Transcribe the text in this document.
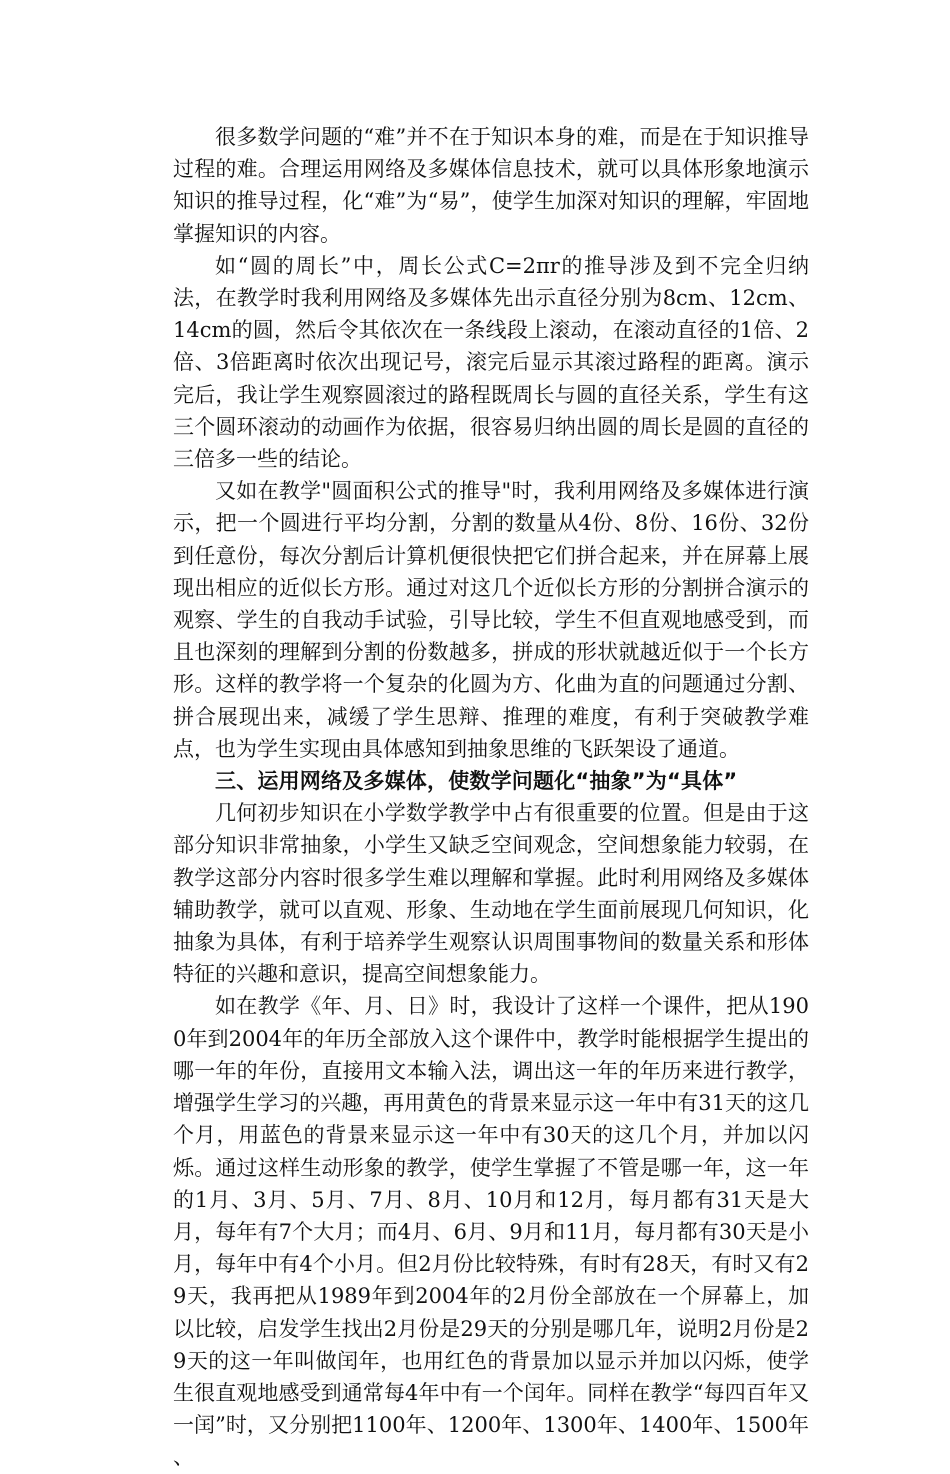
很多数学问题的“难”并不在于知识本身的难，而是在于知识推导过程的难。合理运用网络及多媒体信息技术，就可以具体形象地演示知识的推导过程，化“难”为“易”，使学生加深对知识的理解，牢固地掌握知识的内容。

如“圆的周长”中，周长公式C=2πr的推导涉及到不完全归纳法，在教学时我利用网络及多媒体先出示直径分别为8cm、12cm、14cm的圆，然后令其依次在一条线段上滚动，在滚动直径的1倍、2倍、3倍距离时依次出现记号，滚完后显示其滚过路程的距离。演示完后，我让学生观察圆滚过的路程既周长与圆的直径关系，学生有这三个圆环滚动的动画作为依据，很容易归纳出圆的周长是圆的直径的三倍多一些的结论。

又如在教学"圆面积公式的推导"时，我利用网络及多媒体进行演示，把一个圆进行平均分割，分割的数量从4份、8份、16份、32份到任意份，每次分割后计算机便很快把它们拼合起来，并在屏幕上展现出相应的近似长方形。通过对这几个近似长方形的分割拼合演示的观察、学生的自我动手试验，引导比较，学生不但直观地感受到，而且也深刻的理解到分割的份数越多，拼成的形状就越近似于一个长方形。这样的教学将一个复杂的化圆为方、化曲为直的问题通过分割、拼合展现出来，减缓了学生思辩、推理的难度，有利于突破教学难点，也为学生实现由具体感知到抽象思维的飞跃架设了通道。

三、运用网络及多媒体，使数学问题化“抽象”为“具体”

几何初步知识在小学数学教学中占有很重要的位置。但是由于这部分知识非常抽象，小学生又缺乏空间观念，空间想象能力较弱，在教学这部分内容时很多学生难以理解和掌握。此时利用网络及多媒体辅助教学，就可以直观、形象、生动地在学生面前展现几何知识，化抽象为具体，有利于培养学生观察认识周围事物间的数量关系和形体特征的兴趣和意识，提高空间想象能力。

如在教学《年、月、日》时，我设计了这样一个课件，把从1900年到2004年的年历全部放入这个课件中，教学时能根据学生提出的哪一年的年份，直接用文本输入法，调出这一年的年历来进行教学，增强学生学习的兴趣，再用黄色的背景来显示这一年中有31天的这几个月，用蓝色的背景来显示这一年中有30天的这几个月，并加以闪烁。通过这样生动形象的教学，使学生掌握了不管是哪一年，这一年的1月、3月、5月、7月、8月、10月和12月，每月都有31天是大月，每年有7个大月；而4月、6月、9月和11月，每月都有30天是小月，每年中有4个小月。但2月份比较特殊，有时有28天，有时又有29天，我再把从1989年到2004年的2月份全部放在一个屏幕上，加以比较，启发学生找出2月份是29天的分别是哪几年，说明2月份是29天的这一年叫做闰年，也用红色的背景加以显示并加以闪烁，使学生很直观地感受到通常每4年中有一个闰年。同样在教学“每四百年又一闰”时，又分别把1100年、1200年、1300年、1400年、1500年 、
